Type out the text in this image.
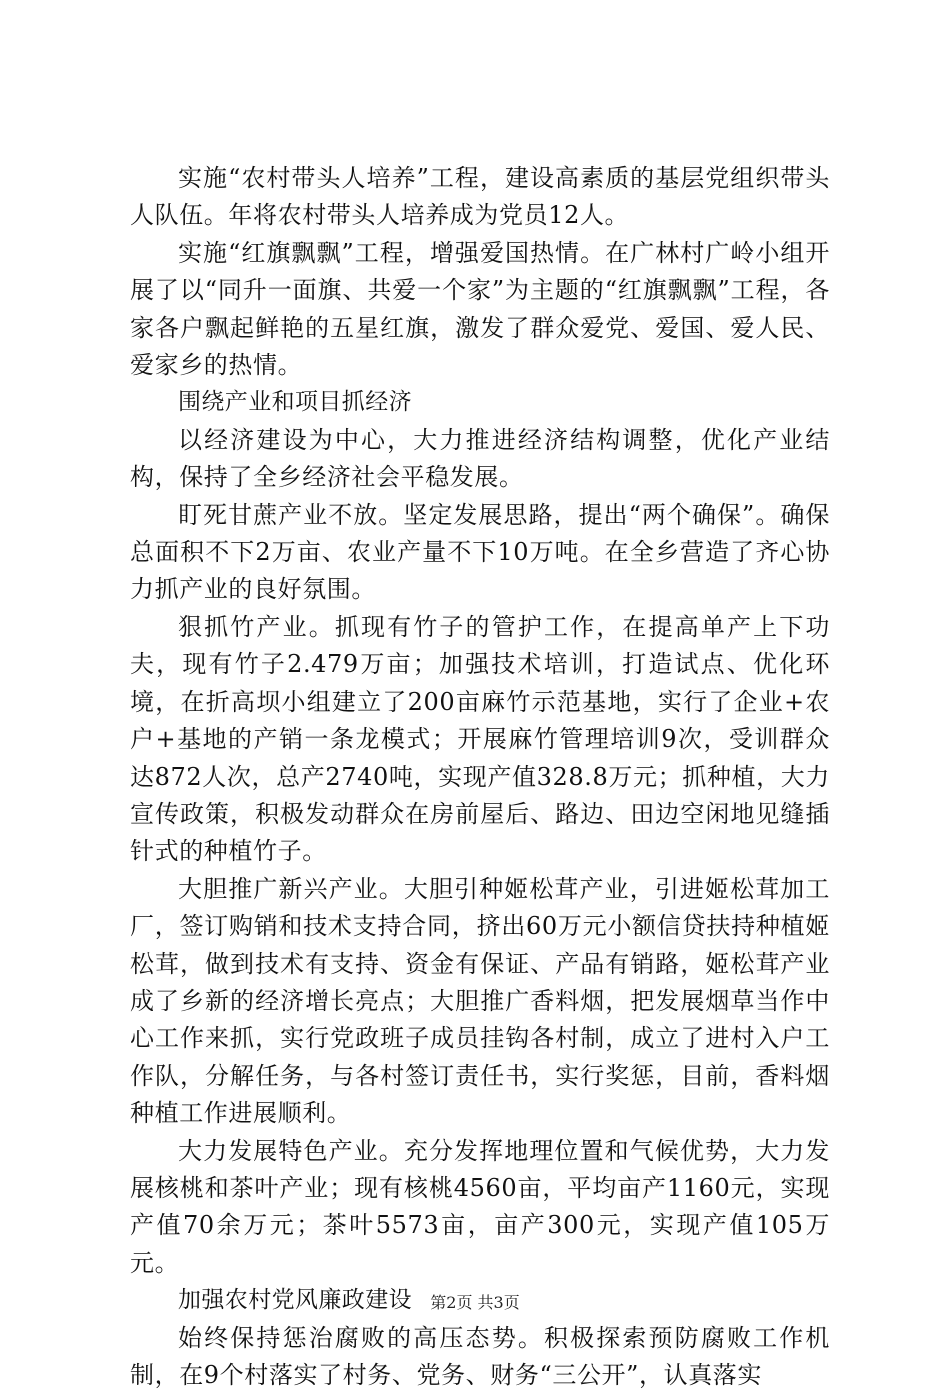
实施“农村带头人培养”工程，建设高素质的基层党组织带头人队伍。年将农村带头人培养成为党员12人。

实施“红旗飘飘”工程，增强爱国热情。在广林村广岭小组开展了以“同升一面旗、共爱一个家”为主题的“红旗飘飘”工程，各家各户飘起鲜艳的五星红旗，激发了群众爱党、爱国、爱人民、爱家乡的热情。

围绕产业和项目抓经济

以经济建设为中心，大力推进经济结构调整，优化产业结构，保持了全乡经济社会平稳发展。

盯死甘蔗产业不放。坚定发展思路，提出“两个确保”。确保总面积不下2万亩、农业产量不下10万吨。在全乡营造了齐心协力抓产业的良好氛围。

狠抓竹产业。抓现有竹子的管护工作，在提高单产上下功夫，现有竹子2.479万亩；加强技术培训，打造试点、优化环境，在折高坝小组建立了200亩麻竹示范基地，实行了企业+农户+基地的产销一条龙模式；开展麻竹管理培训9次，受训群众达872人次，总产2740吨，实现产值328.8万元；抓种植，大力宣传政策，积极发动群众在房前屋后、路边、田边空闲地见缝插针式的种植竹子。

大胆推广新兴产业。大胆引种姬松茸产业，引进姬松茸加工厂，签订购销和技术支持合同，挤出60万元小额信贷扶持种植姬松茸，做到技术有支持、资金有保证、产品有销路，姬松茸产业成了乡新的经济增长亮点；大胆推广香料烟，把发展烟草当作中心工作来抓，实行党政班子成员挂钩各村制，成立了进村入户工作队，分解任务，与各村签订责任书，实行奖惩，目前，香料烟种植工作进展顺利。

大力发展特色产业。充分发挥地理位置和气候优势，大力发展核桃和茶叶产业；现有核桃4560亩，平均亩产1160元，实现产值70余万元；茶叶5573亩，亩产300元，实现产值105万元。

加强农村党风廉政建设

始终保持惩治腐败的高压态势。积极探索预防腐败工作机制，在9个村落实了村务、党务、财务“三公开”，认真落实

第2页 共3页
